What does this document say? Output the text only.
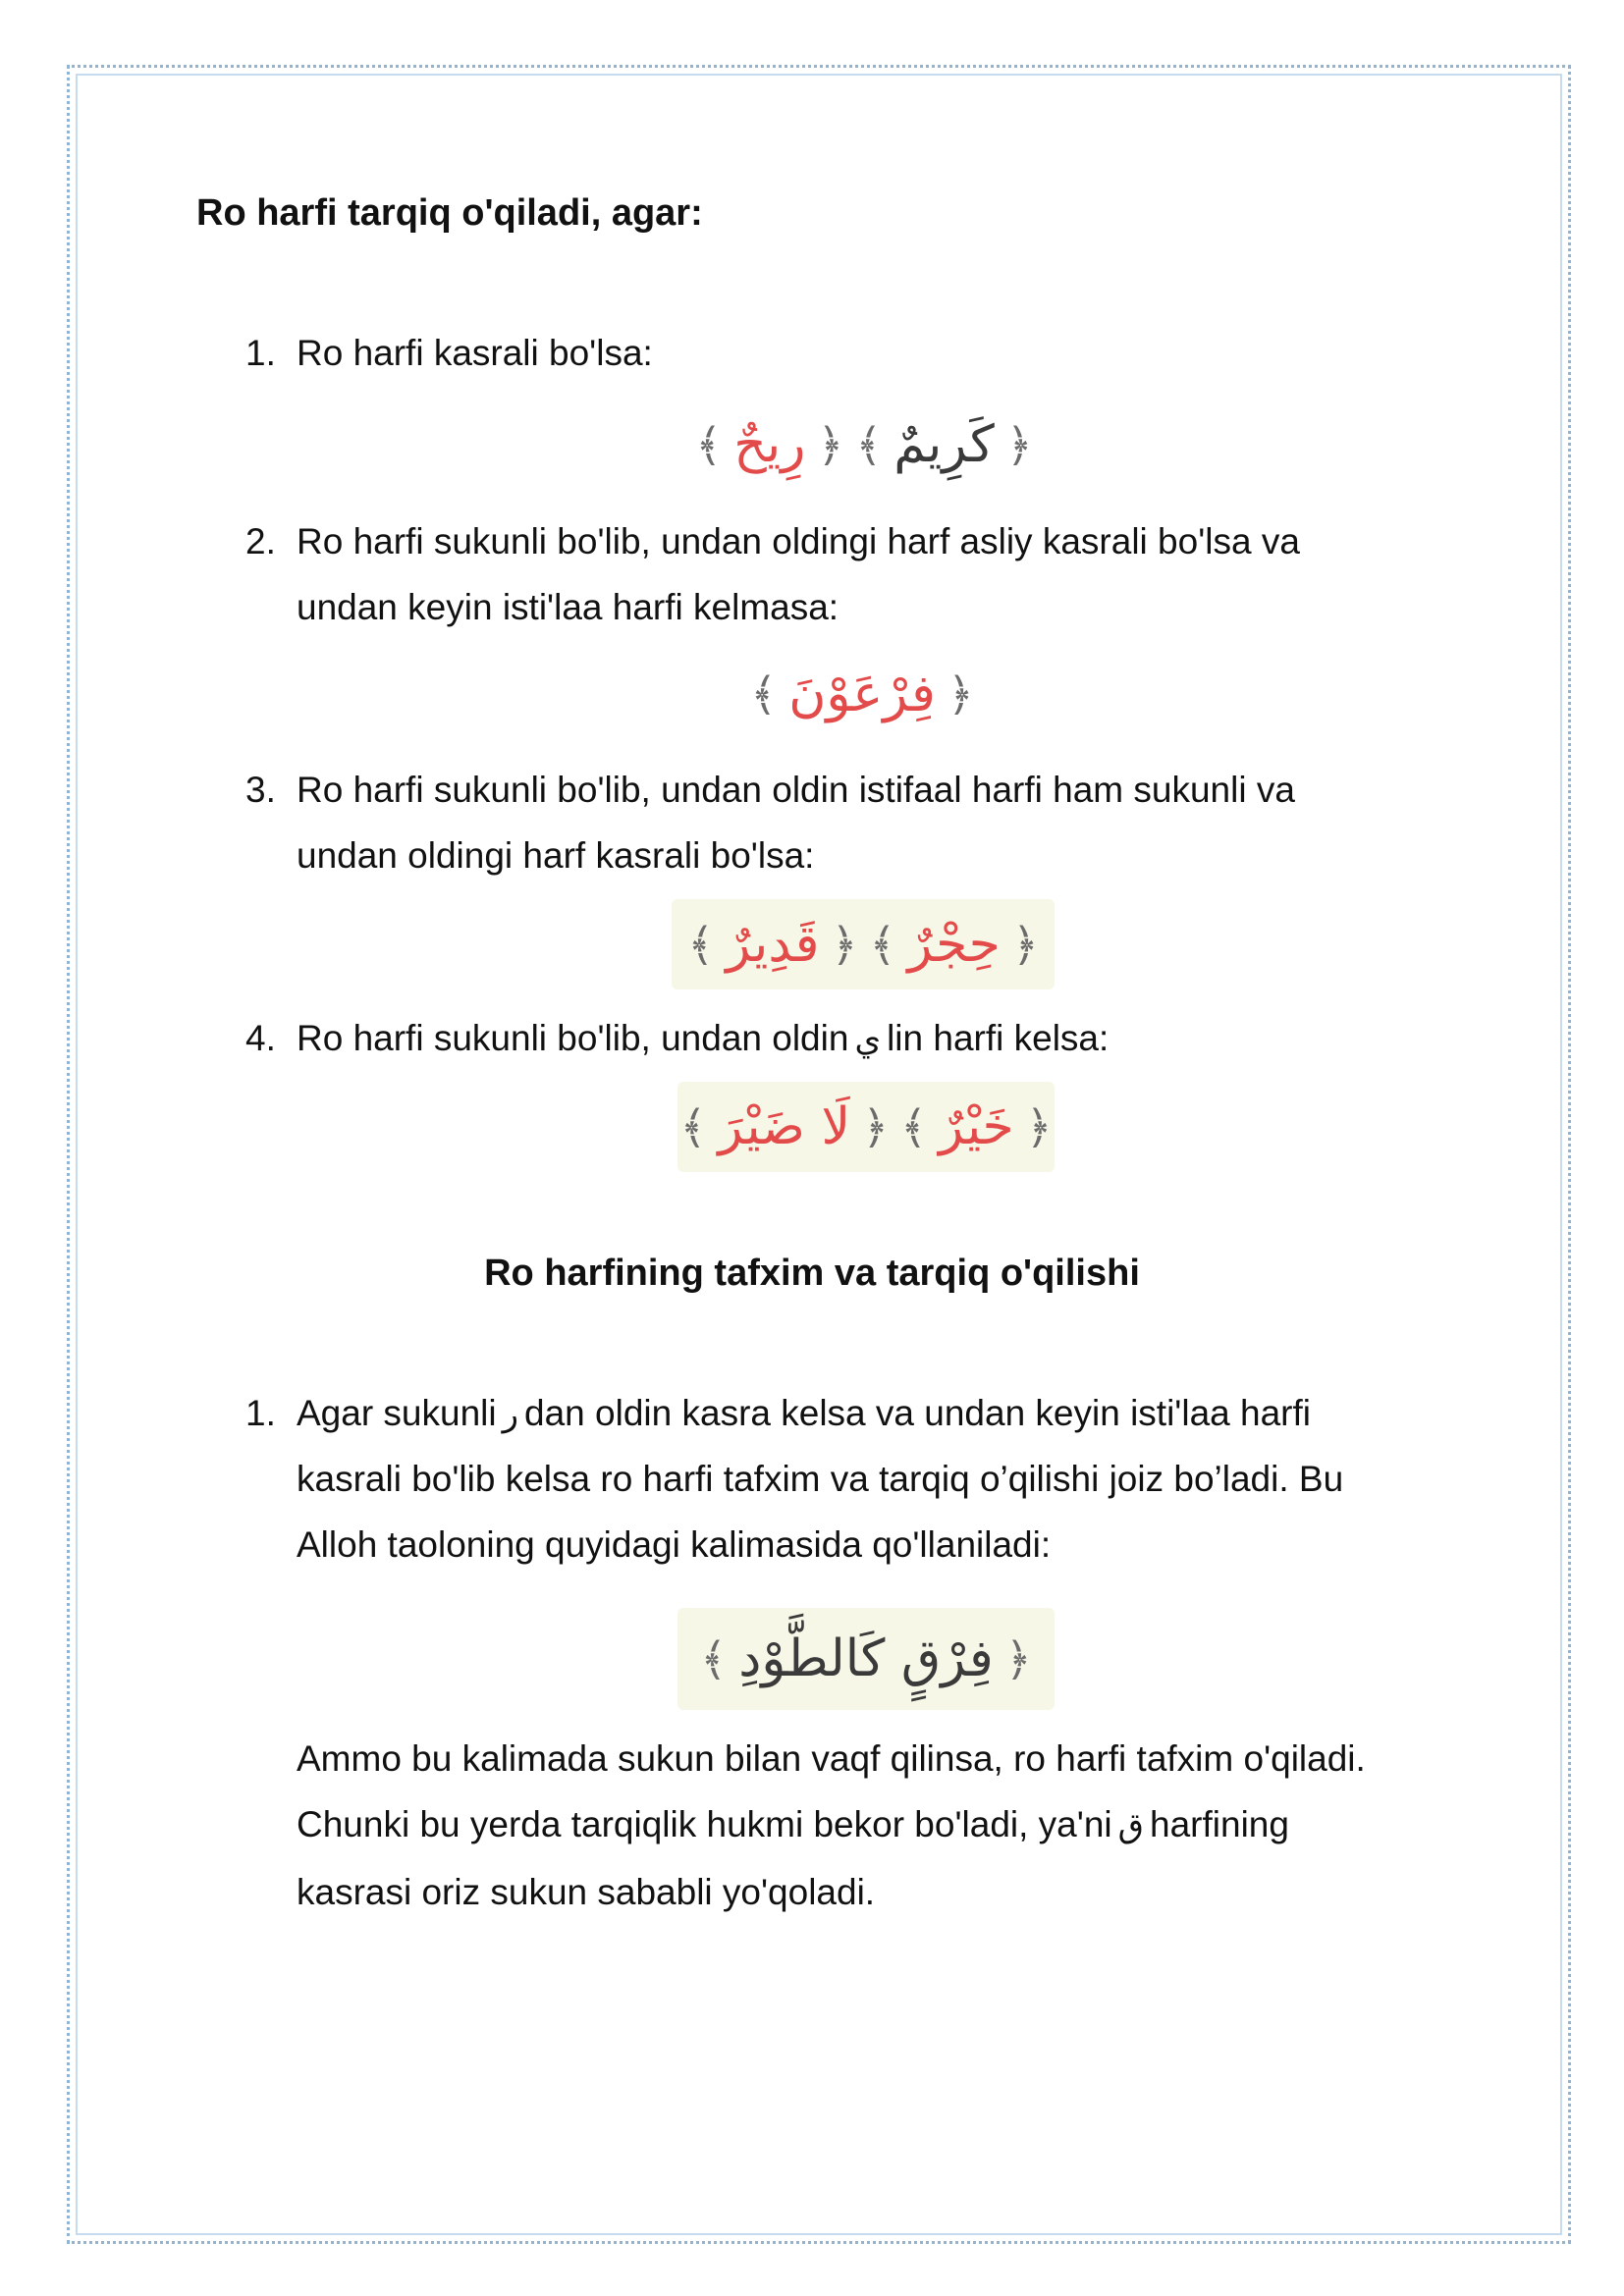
Ro harfi tarqiq o'qiladi, agar:
1. Ro harfi kasrali bo'lsa:
﴿
كَرِيمٌ
﴾
﴿
رِيحٌ
﴾
2. Ro harfi sukunli bo'lib, undan oldingi harf asliy kasrali bo'lsa va
undan keyin isti'laa harfi kelmasa:
﴿
فِرْعَوْنَ
﴾
3. Ro harfi sukunli bo'lib, undan oldin istifaal harfi ham sukunli va
undan oldingi harf kasrali bo'lsa:
﴿
حِجْرٌ
﴾
﴿
قَدِيرٌ
﴾
4. Ro harfi sukunli bo'lib, undan oldin ي lin harfi kelsa:
﴿
خَيْرٌ
﴾
﴿
لَا ضَيْرَ
﴾
Ro harfining tafxim va tarqiq o'qilishi
1. Agar sukunli ر dan oldin kasra kelsa va undan keyin isti'laa harfi
kasrali bo'lib kelsa ro harfi tafxim va tarqiq o’qilishi joiz bo’ladi. Bu
Alloh taoloning quyidagi kalimasida qo'llaniladi:
﴿
فِرْقٍ كَالطَّوْدِ
﴾
Ammo bu kalimada sukun bilan vaqf qilinsa, ro harfi tafxim o'qiladi.
Chunki bu yerda tarqiqlik hukmi bekor bo'ladi, ya'ni ق harfining
kasrasi oriz sukun sababli yo'qoladi.
